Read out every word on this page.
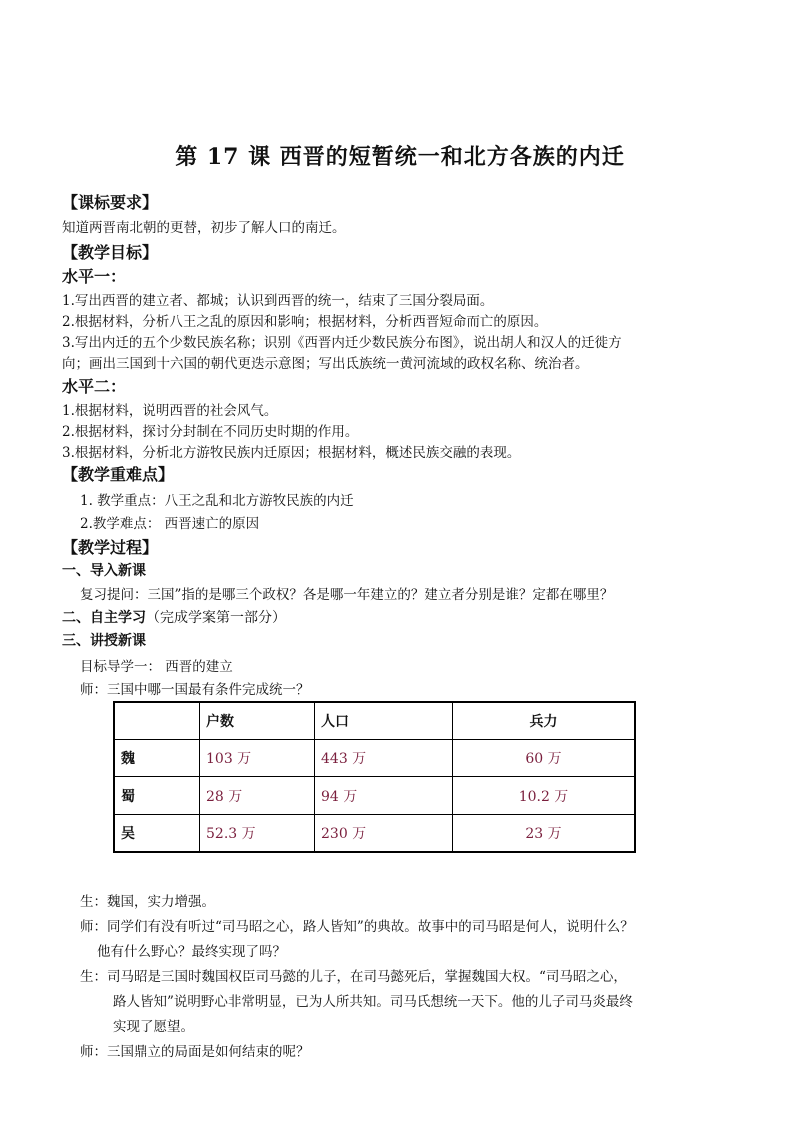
第 17 课 西晋的短暂统一和北方各族的内迁
【课标要求】
知道两晋南北朝的更替，初步了解人口的南迁。
【教学目标】
水平一：
1.写出西晋的建立者、都城；认识到西晋的统一，结束了三国分裂局面。
2.根据材料，分析八王之乱的原因和影响；根据材料，分析西晋短命而亡的原因。
3.写出内迁的五个少数民族名称；识别《西晋内迁少数民族分布图》，说出胡人和汉人的迁徙方
向；画出三国到十六国的朝代更迭示意图；写出氐族统一黄河流域的政权名称、统治者。
水平二：
1.根据材料，说明西晋的社会风气。
2.根据材料，探讨分封制在不同历史时期的作用。
3.根据材料，分析北方游牧民族内迁原因；根据材料，概述民族交融的表现。
【教学重难点】
1. 教学重点：八王之乱和北方游牧民族的内迁
2.教学难点： 西晋速亡的原因
【教学过程】
一、导入新课
复习提问：三国”指的是哪三个政权？各是哪一年建立的？建立者分别是谁？定都在哪里？
二、自主学习（完成学案第一部分）
三、讲授新课
目标导学一： 西晋的建立
师：三国中哪一国最有条件完成统一？
	户数	人口	兵力
魏	103 万	443 万	60 万
蜀	28 万	94 万	10.2 万
吴	52.3 万	230 万	23 万
生：魏国，实力增强。
师：同学们有没有听过“司马昭之心，路人皆知”的典故。故事中的司马昭是何人，说明什么？
他有什么野心？最终实现了吗？
生：司马昭是三国时魏国权臣司马懿的儿子，在司马懿死后，掌握魏国大权。“司马昭之心，
路人皆知”说明野心非常明显，已为人所共知。司马氏想统一天下。他的儿子司马炎最终
实现了愿望。
师：三国鼎立的局面是如何结束的呢？
